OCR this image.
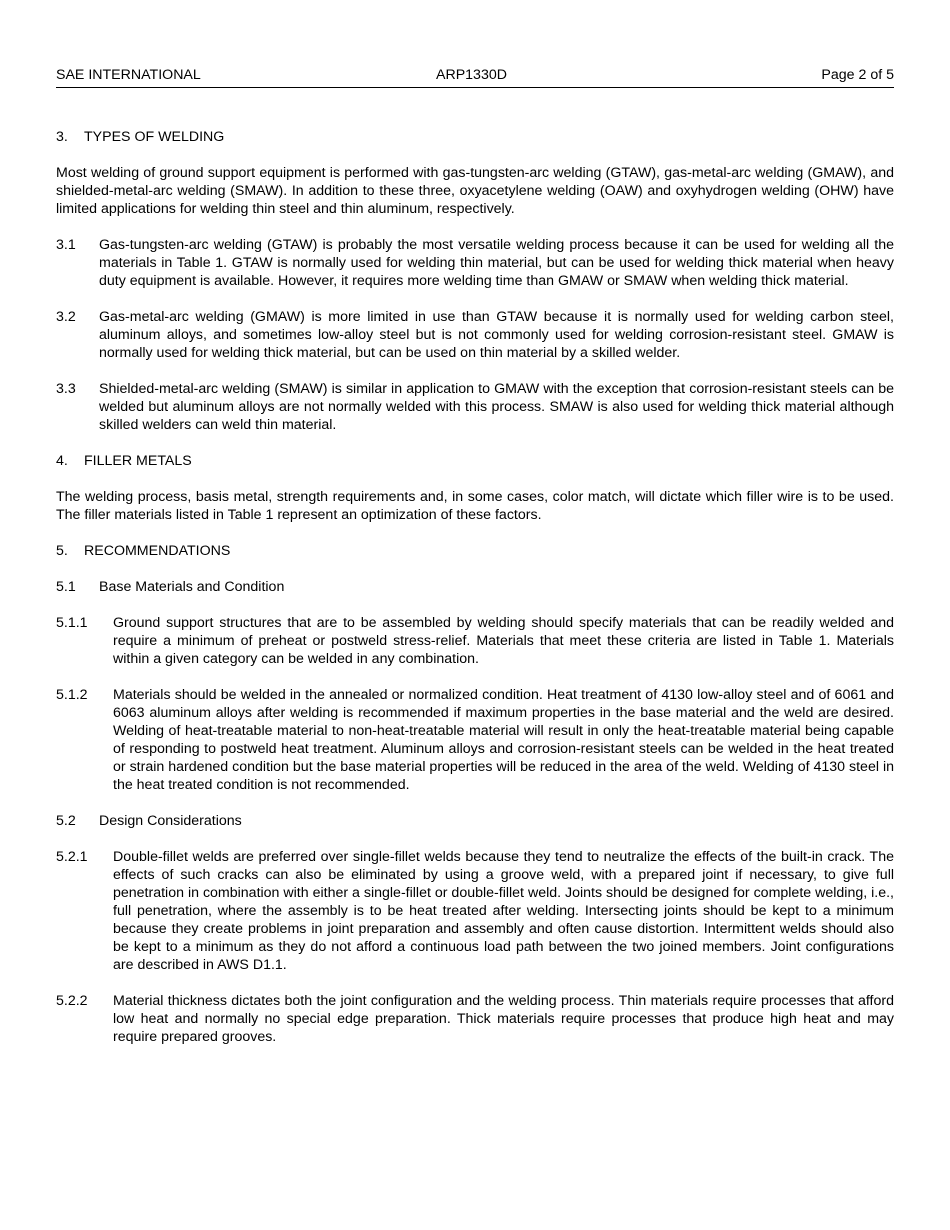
SAE INTERNATIONAL	ARP1330D	Page 2 of 5
3. TYPES OF WELDING

Most welding of ground support equipment is performed with gas-tungsten-arc welding (GTAW), gas-metal-arc welding (GMAW), and shielded-metal-arc welding (SMAW). In addition to these three, oxyacetylene welding (OAW) and oxyhydrogen welding (OHW) have limited applications for welding thin steel and thin aluminum, respectively.

3.1	Gas-tungsten-arc welding (GTAW) is probably the most versatile welding process because it can be used for welding all the materials in Table 1. GTAW is normally used for welding thin material, but can be used for welding thick material when heavy duty equipment is available. However, it requires more welding time than GMAW or SMAW when welding thick material.
3.2	Gas-metal-arc welding (GMAW) is more limited in use than GTAW because it is normally used for welding carbon steel, aluminum alloys, and sometimes low-alloy steel but is not commonly used for welding corrosion-resistant steel. GMAW is normally used for welding thick material, but can be used on thin material by a skilled welder.
3.3	Shielded-metal-arc welding (SMAW) is similar in application to GMAW with the exception that corrosion-resistant steels can be welded but aluminum alloys are not normally welded with this process. SMAW is also used for welding thick material although skilled welders can weld thin material.
4. FILLER METALS

The welding process, basis metal, strength requirements and, in some cases, color match, will dictate which filler wire is to be used. The filler materials listed in Table 1 represent an optimization of these factors.

5. RECOMMENDATIONS
5.1 Base Materials and Condition
5.1.1	Ground support structures that are to be assembled by welding should specify materials that can be readily welded and require a minimum of preheat or postweld stress-relief. Materials that meet these criteria are listed in Table 1. Materials within a given category can be welded in any combination.
5.1.2	Materials should be welded in the annealed or normalized condition. Heat treatment of 4130 low-alloy steel and of 6061 and 6063 aluminum alloys after welding is recommended if maximum properties in the base material and the weld are desired. Welding of heat-treatable material to non-heat-treatable material will result in only the heat-treatable material being capable of responding to postweld heat treatment. Aluminum alloys and corrosion-resistant steels can be welded in the heat treated or strain hardened condition but the base material properties will be reduced in the area of the weld. Welding of 4130 steel in the heat treated condition is not recommended.
5.2 Design Considerations
5.2.1	Double-fillet welds are preferred over single-fillet welds because they tend to neutralize the effects of the built-in crack. The effects of such cracks can also be eliminated by using a groove weld, with a prepared joint if necessary, to give full penetration in combination with either a single-fillet or double-fillet weld. Joints should be designed for complete welding, i.e., full penetration, where the assembly is to be heat treated after welding. Intersecting joints should be kept to a minimum because they create problems in joint preparation and assembly and often cause distortion. Intermittent welds should also be kept to a minimum as they do not afford a continuous load path between the two joined members. Joint configurations are described in AWS D1.1.
5.2.2	Material thickness dictates both the joint configuration and the welding process. Thin materials require processes that afford low heat and normally no special edge preparation. Thick materials require processes that produce high heat and may require prepared grooves.
